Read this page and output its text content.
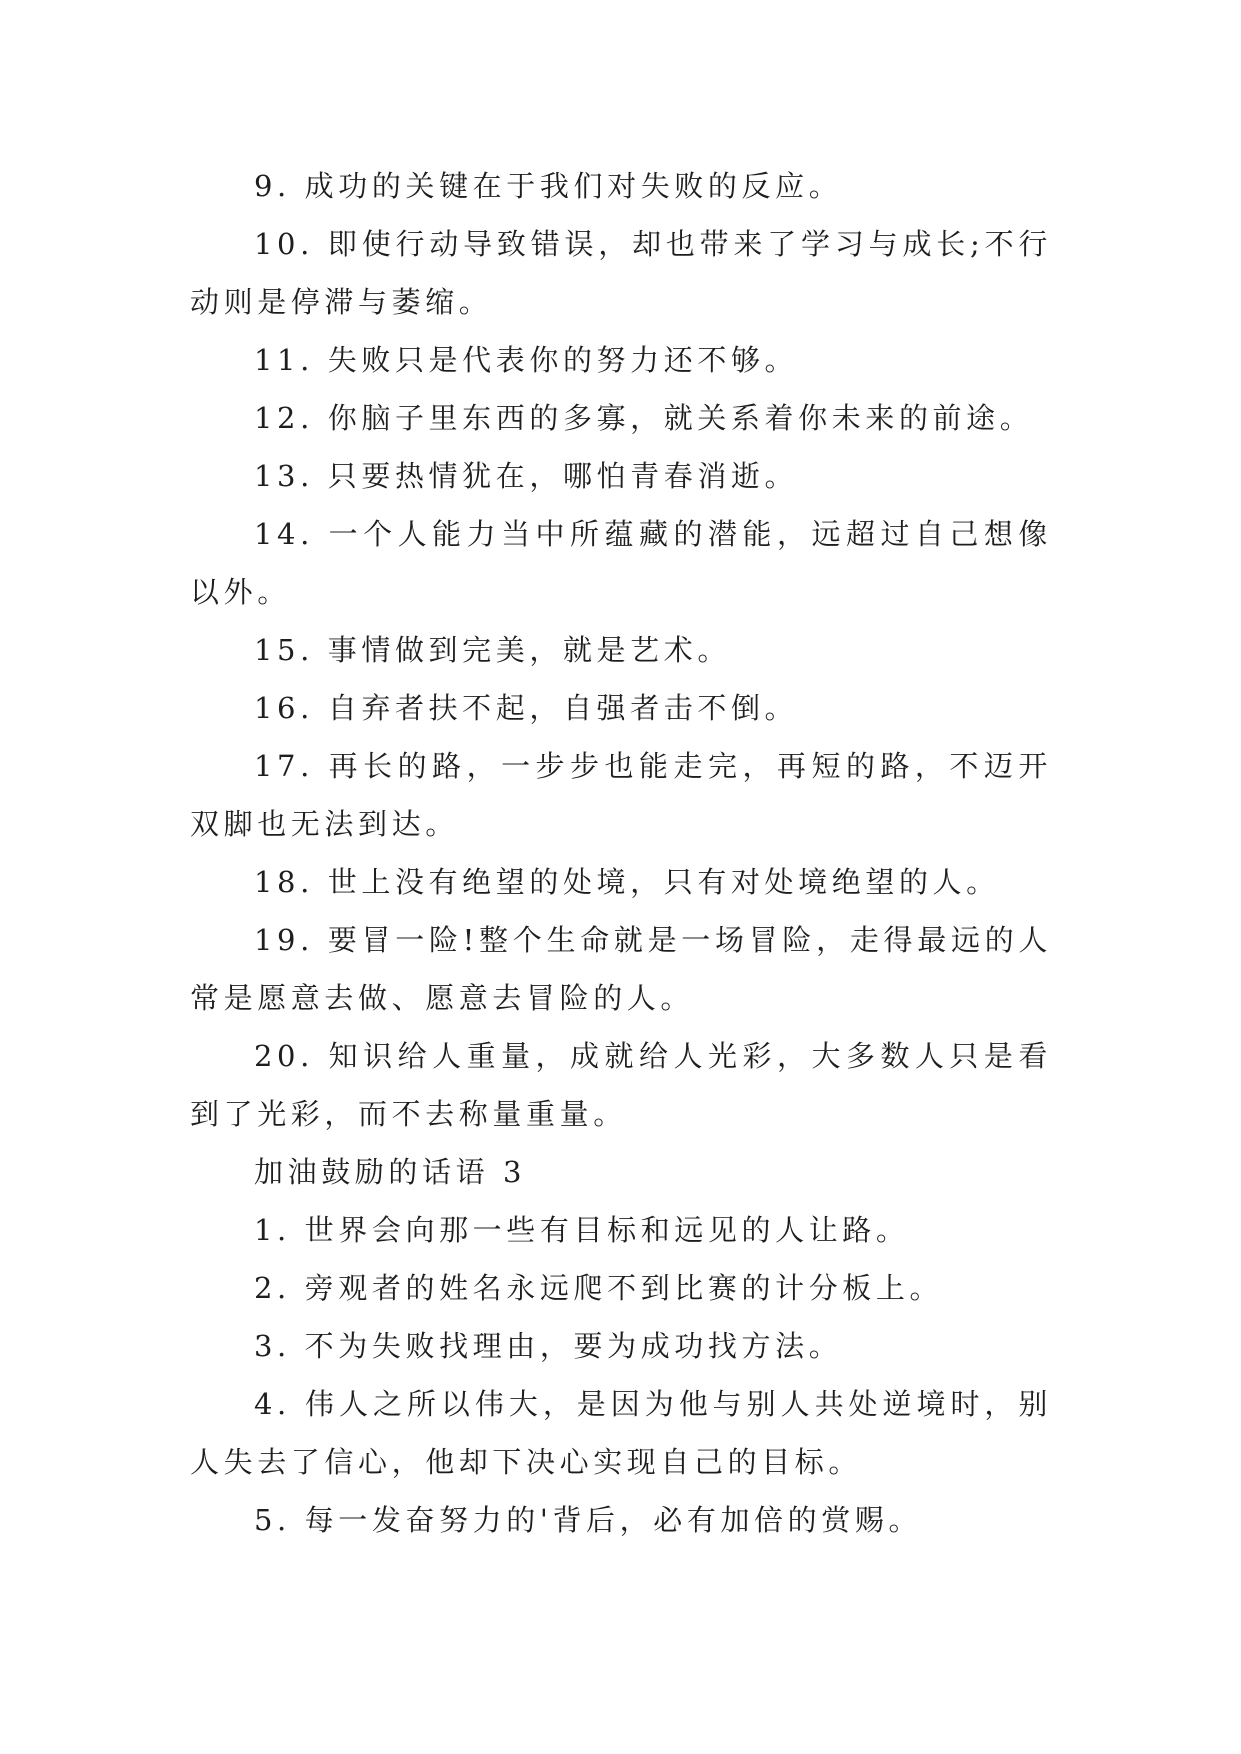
9. 成功的关键在于我们对失败的反应。

10. 即使行动导致错误，却也带来了学习与成长;不行动则是停滞与萎缩。

11. 失败只是代表你的努力还不够。

12. 你脑子里东西的多寡，就关系着你未来的前途。

13. 只要热情犹在，哪怕青春消逝。

14. 一个人能力当中所蕴藏的潜能，远超过自己想像以外。

15. 事情做到完美，就是艺术。

16. 自弃者扶不起，自强者击不倒。

17. 再长的路，一步步也能走完，再短的路，不迈开双脚也无法到达。

18. 世上没有绝望的处境，只有对处境绝望的人。

19. 要冒一险!整个生命就是一场冒险，走得最远的人常是愿意去做、愿意去冒险的人。

20. 知识给人重量，成就给人光彩，大多数人只是看到了光彩，而不去称量重量。

加油鼓励的话语 3

1. 世界会向那一些有目标和远见的人让路。

2. 旁观者的姓名永远爬不到比赛的计分板上。

3. 不为失败找理由，要为成功找方法。

4. 伟人之所以伟大，是因为他与别人共处逆境时，别人失去了信心，他却下决心实现自己的目标。

5. 每一发奋努力的'背后，必有加倍的赏赐。
